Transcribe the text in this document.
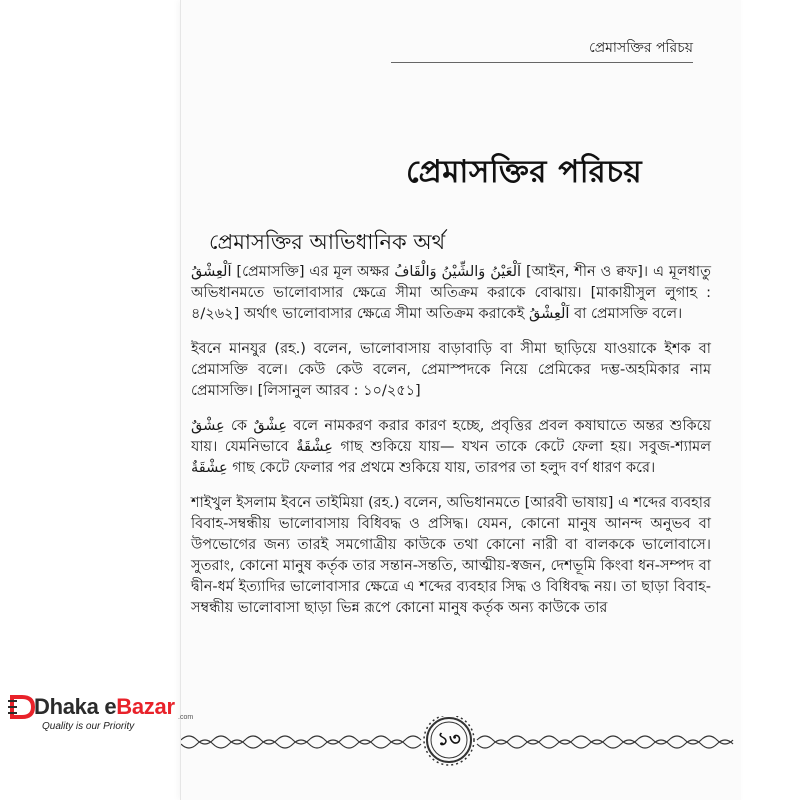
প্রেমাসক্তির পরিচয়
প্রেমাসক্তির পরিচয়
প্রেমাসক্তির আভিধানিক অর্থ

اَلْعِشْقُ [প্রেমাসক্তি] এর মূল অক্ষর اَلْعَيْنُ وَالشِّيْنُ وَالْقَافُ [আইন, শীন ও ক্বফ]। এ মূলধাতু অভিধানমতে ভালোবাসার ক্ষেত্রে সীমা অতিক্রম করাকে বোঝায়। [মাকায়ীসুল লুগাহ : ৪/২৬২] অর্থাৎ ভালোবাসার ক্ষেত্রে সীমা অতিক্রম করাকেই اَلْعِشْقُ বা প্রেমাসক্তি বলে।

ইবনে মানযুর (রহ.) বলেন, ভালোবাসায় বাড়াবাড়ি বা সীমা ছাড়িয়ে যাওয়াকে ইশক বা প্রেমাসক্তি বলে। কেউ কেউ বলেন, প্রেমাস্পদকে নিয়ে প্রেমিকের দম্ভ-অহমিকার নাম প্রেমাসক্তি। [লিসানুল আরব : ১০/২৫১]

عِشْقٌ কে عِشْقٌ বলে নামকরণ করার কারণ হচ্ছে, প্রবৃত্তির প্রবল কষাঘাতে অন্তর শুকিয়ে যায়। যেমনিভাবে عِشْقَةٌ গাছ শুকিয়ে যায়— যখন তাকে কেটে ফেলা হয়। সবুজ-শ্যামল عِشْقَةٌ গাছ কেটে ফেলার পর প্রথমে শুকিয়ে যায়, তারপর তা হলুদ বর্ণ ধারণ করে।

শাইখুল ইসলাম ইবনে তাইমিয়া (রহ.) বলেন, অভিধানমতে [আরবী ভাষায়] এ শব্দের ব্যবহার বিবাহ-সম্বন্ধীয় ভালোবাসায় বিধিবদ্ধ ও প্রসিদ্ধ। যেমন, কোনো মানুষ আনন্দ অনুভব বা উপভোগের জন্য তারই সমগোত্রীয় কাউকে তথা কোনো নারী বা বালককে ভালোবাসে। সুতরাং, কোনো মানুষ কর্তৃক তার সন্তান-সন্ততি, আত্মীয়-স্বজন, দেশভূমি কিংবা ধন-সম্পদ বা দ্বীন-ধর্ম ইত্যাদির ভালোবাসার ক্ষেত্রে এ শব্দের ব্যবহার সিদ্ধ ও বিধিবদ্ধ নয়। তা ছাড়া বিবাহ-সম্বন্ধীয় ভালোবাসা ছাড়া ভিন্ন রূপে কোনো মানুষ কর্তৃক অন্য কাউকে তার

১৩
Dhaka eBazar .com
Quality is our Priority
